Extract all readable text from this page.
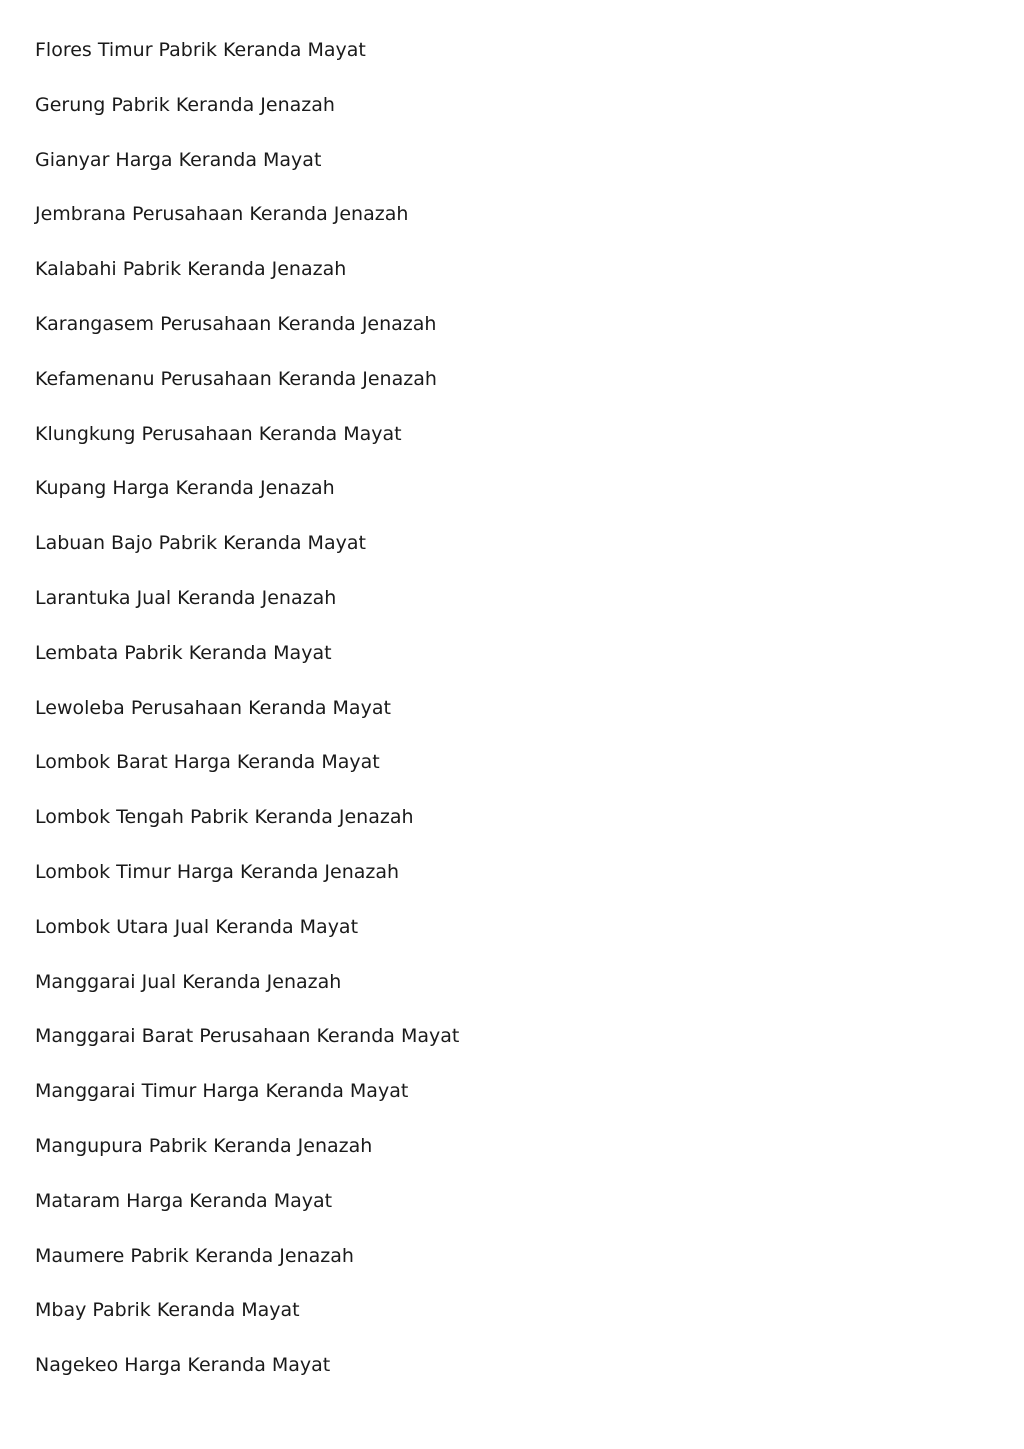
Flores Timur Pabrik Keranda Mayat
Gerung Pabrik Keranda Jenazah
Gianyar Harga Keranda Mayat
Jembrana Perusahaan Keranda Jenazah
Kalabahi Pabrik Keranda Jenazah
Karangasem Perusahaan Keranda Jenazah
Kefamenanu Perusahaan Keranda Jenazah
Klungkung Perusahaan Keranda Mayat
Kupang Harga Keranda Jenazah
Labuan Bajo Pabrik Keranda Mayat
Larantuka Jual Keranda Jenazah
Lembata Pabrik Keranda Mayat
Lewoleba Perusahaan Keranda Mayat
Lombok Barat Harga Keranda Mayat
Lombok Tengah Pabrik Keranda Jenazah
Lombok Timur Harga Keranda Jenazah
Lombok Utara Jual Keranda Mayat
Manggarai Jual Keranda Jenazah
Manggarai Barat Perusahaan Keranda Mayat
Manggarai Timur Harga Keranda Mayat
Mangupura Pabrik Keranda Jenazah
Mataram Harga Keranda Mayat
Maumere Pabrik Keranda Jenazah
Mbay Pabrik Keranda Mayat
Nagekeo Harga Keranda Mayat
